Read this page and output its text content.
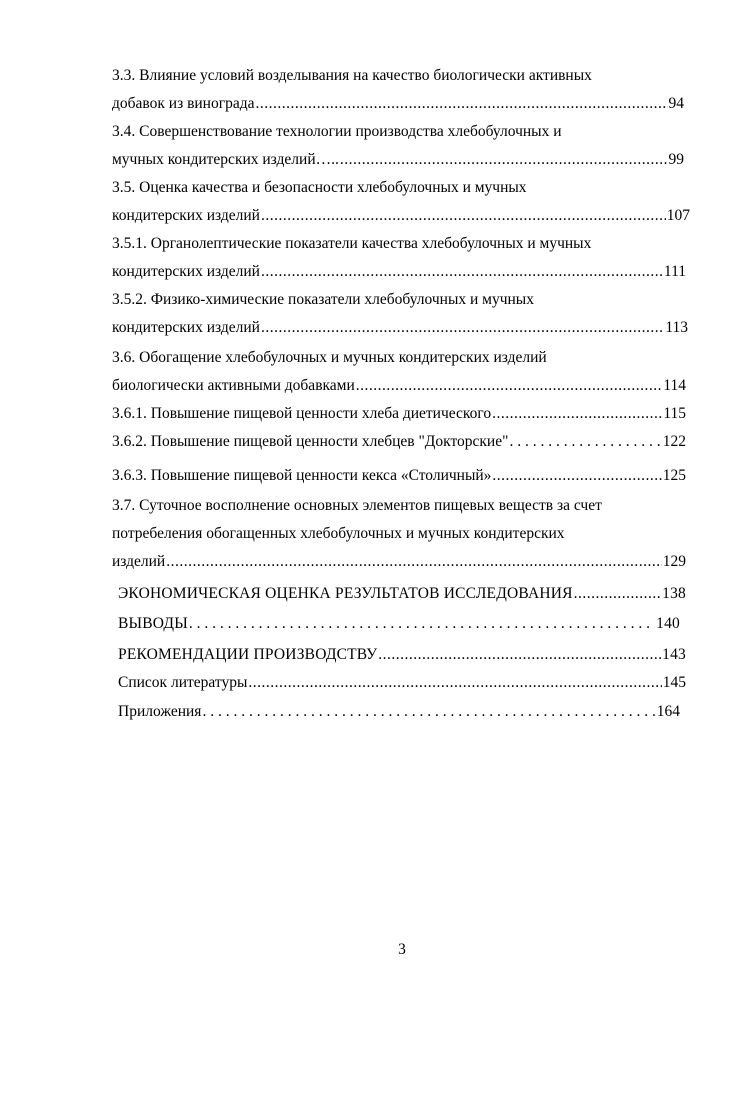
3.3. Влияние условий возделывания на качество биологически активных
добавок из винограда .....	94
3.4. Совершенствование технологии производства хлебобулочных и
мучных кондитерских изделий….. .....	99
3.5. Оценка качества и безопасности хлебобулочных и мучных
кондитерских изделий .....	107
3.5.1. Органолептические показатели качества хлебобулочных и мучных
кондитерских изделий .....	111
3.5.2. Физико-химические показатели хлебобулочных и мучных
кондитерских изделий .....	113
3.6. Обогащение хлебобулочных и мучных кондитерских изделий
биологически активными добавками .....	114
3.6.1. Повышение пищевой ценности хлеба диетического .....	115
3.6.2. Повышение пищевой ценности хлебцев "Докторские" . . .	122
3.6.3. Повышение пищевой ценности кекса «Столичный» .....	125
3.7. Суточное восполнение основных элементов пищевых веществ за счет
потребеления обогащенных хлебобулочных и мучных кондитерских
изделий .....	129
ЭКОНОМИЧЕСКАЯ ОЦЕНКА РЕЗУЛЬТАТОВ ИССЛЕДОВАНИЯ .....	138
ВЫВОДЫ . . .	140
РЕКОМЕНДАЦИИ ПРОИЗВОДСТВУ .....	143
Список литературы .....	145
Приложения . . .	164
3
